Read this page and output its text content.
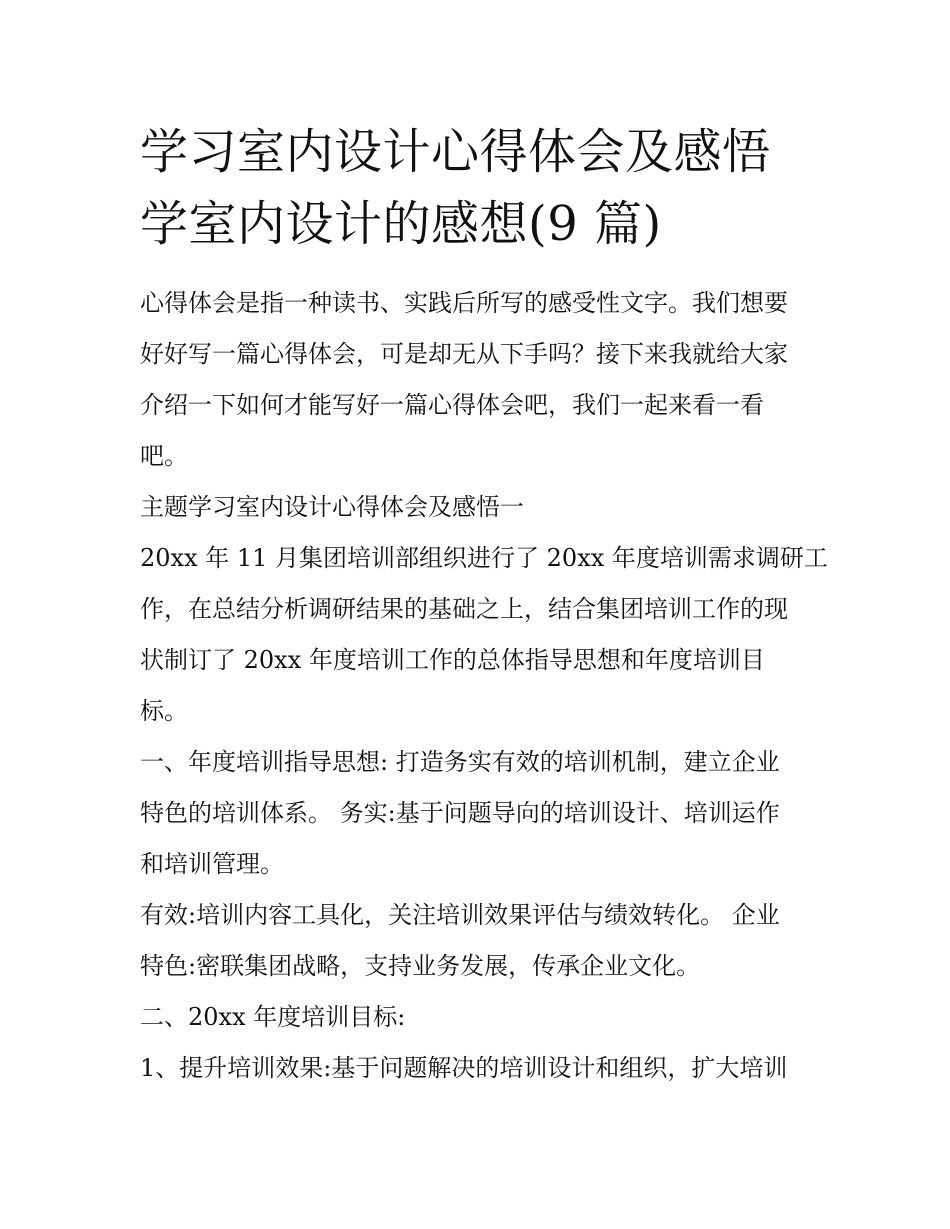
学习室内设计心得体会及感悟
学室内设计的感想(9 篇)
心得体会是指一种读书、实践后所写的感受性文字。我们想要
好好写一篇心得体会，可是却无从下手吗？接下来我就给大家
介绍一下如何才能写好一篇心得体会吧，我们一起来看一看
吧。
主题学习室内设计心得体会及感悟一
20xx 年 11 月集团培训部组织进行了 20xx 年度培训需求调研工
作，在总结分析调研结果的基础之上，结合集团培训工作的现
状制订了 20xx 年度培训工作的总体指导思想和年度培训目
标。
一、年度培训指导思想: 打造务实有效的培训机制，建立企业
特色的培训体系。 务实:基于问题导向的培训设计、培训运作
和培训管理。
有效:培训内容工具化，关注培训效果评估与绩效转化。 企业
特色:密联集团战略，支持业务发展，传承企业文化。
二、20xx 年度培训目标:
1、提升培训效果:基于问题解决的培训设计和组织，扩大培训
